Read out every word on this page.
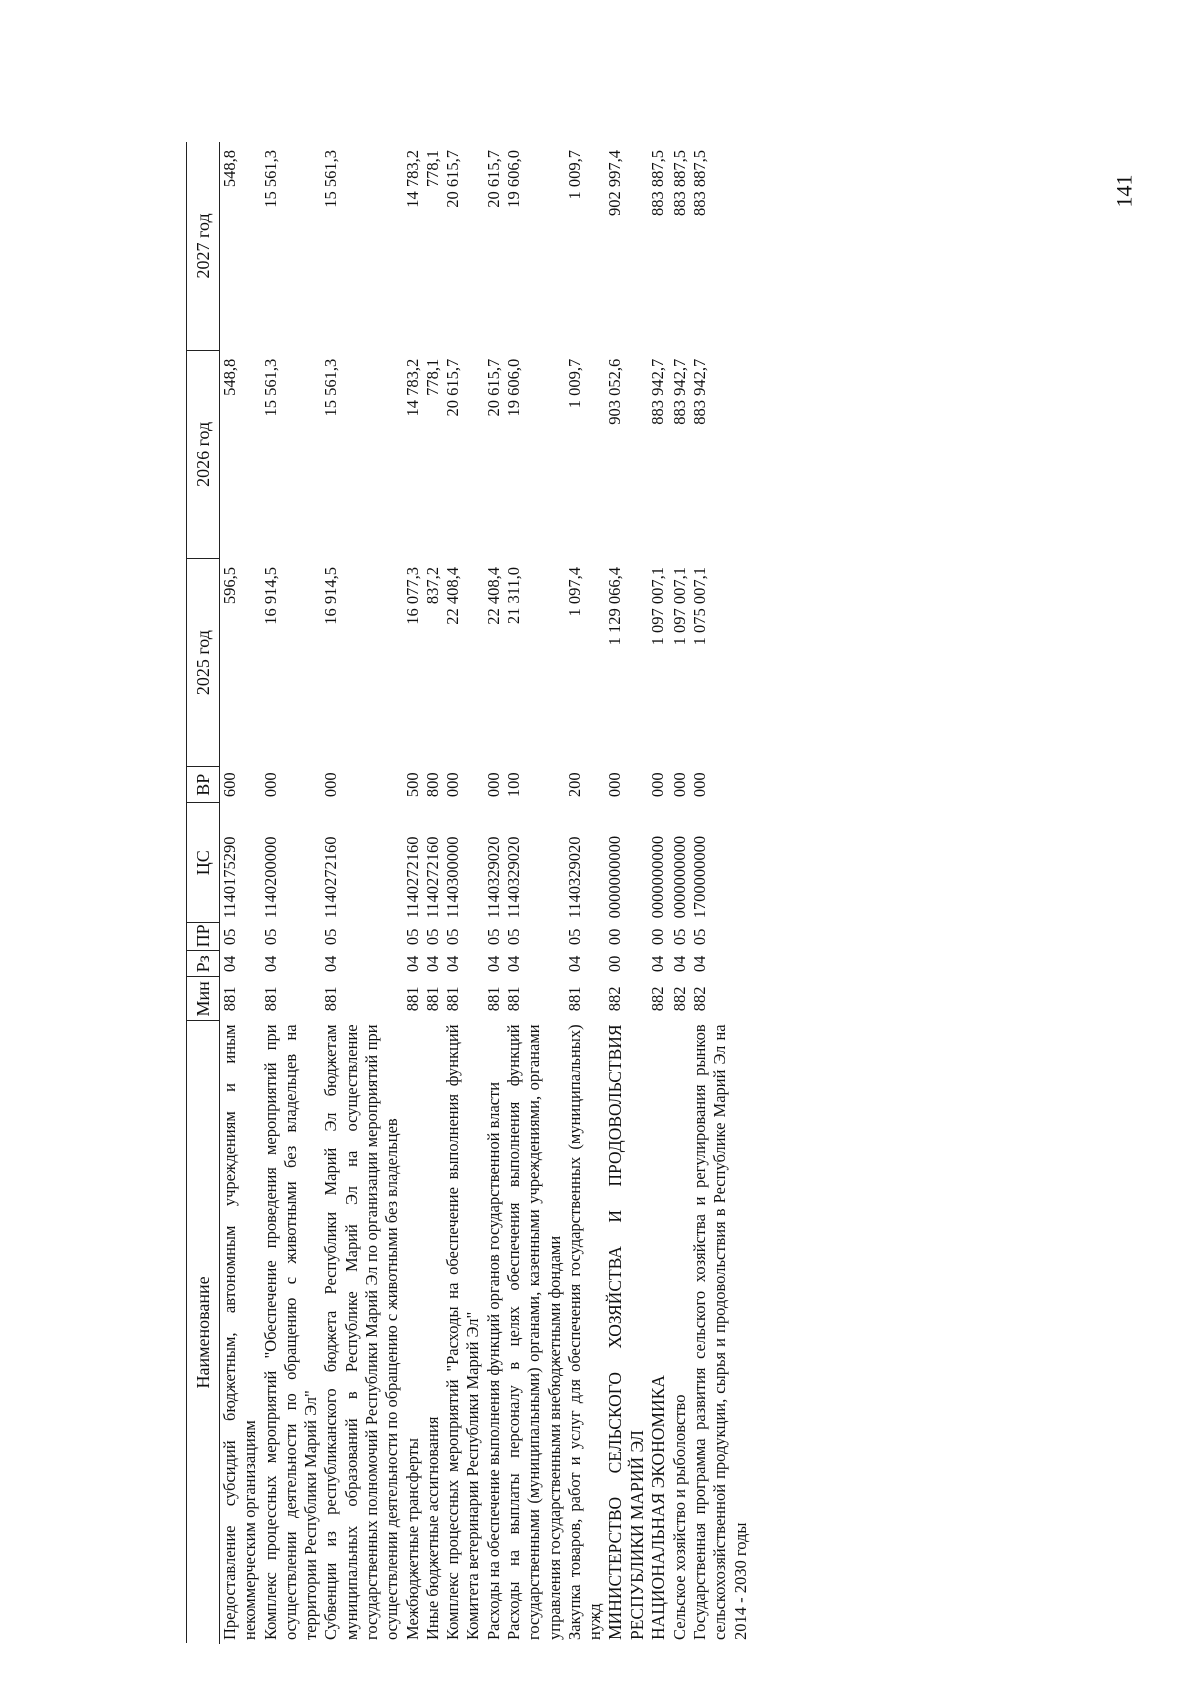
141
Наименование	Мин	Рз	ПР	ЦС	ВР	2025 год	2026 год	2027 год
Предоставление субсидий бюджетным, автономным учреждениям и иным некоммерческим организациям	881	04	05	1140175290	600	596,5	548,8	548,8
Комплекс процессных мероприятий "Обеспечение проведения мероприятий при осуществлении деятельности по обращению с животными без владельцев на территории Республики Марий Эл"	881	04	05	1140200000	000	16 914,5	15 561,3	15 561,3
Субвенции из республиканского бюджета Республики Марий Эл бюджетам муниципальных образований в Республике Марий Эл на осуществление государственных полномочий Республики Марий Эл по организации мероприятий при осуществлении деятельности по обращению с животными без владельцев	881	04	05	1140272160	000	16 914,5	15 561,3	15 561,3
Межбюджетные трансферты	881	04	05	1140272160	500	16 077,3	14 783,2	14 783,2
Иные бюджетные ассигнования	881	04	05	1140272160	800	837,2	778,1	778,1
Комплекс процессных мероприятий "Расходы на обеспечение выполнения функций Комитета ветеринарии Республики Марий Эл"	881	04	05	1140300000	000	22 408,4	20 615,7	20 615,7
Расходы на обеспечение выполнения функций органов государственной власти	881	04	05	1140329020	000	22 408,4	20 615,7	20 615,7
Расходы на выплаты персоналу в целях обеспечения выполнения функций государственными (муниципальными) органами, казенными учреждениями, органами управления государственными внебюджетными фондами	881	04	05	1140329020	100	21 311,0	19 606,0	19 606,0
Закупка товаров, работ и услуг для обеспечения государственных (муниципальных) нужд	881	04	05	1140329020	200	1 097,4	1 009,7	1 009,7
МИНИСТЕРСТВО СЕЛЬСКОГО ХОЗЯЙСТВА И ПРОДОВОЛЬСТВИЯ РЕСПУБЛИКИ МАРИЙ ЭЛ	882	00	00	0000000000	000	1 129 066,4	903 052,6	902 997,4
НАЦИОНАЛЬНАЯ ЭКОНОМИКА	882	04	00	0000000000	000	1 097 007,1	883 942,7	883 887,5
Сельское хозяйство и рыболовство	882	04	05	0000000000	000	1 097 007,1	883 942,7	883 887,5
Государственная программа развития сельского хозяйства и регулирования рынков сельскохозяйственной продукции, сырья и продовольствия в Республике Марий Эл на 2014 - 2030 годы	882	04	05	1700000000	000	1 075 007,1	883 942,7	883 887,5
